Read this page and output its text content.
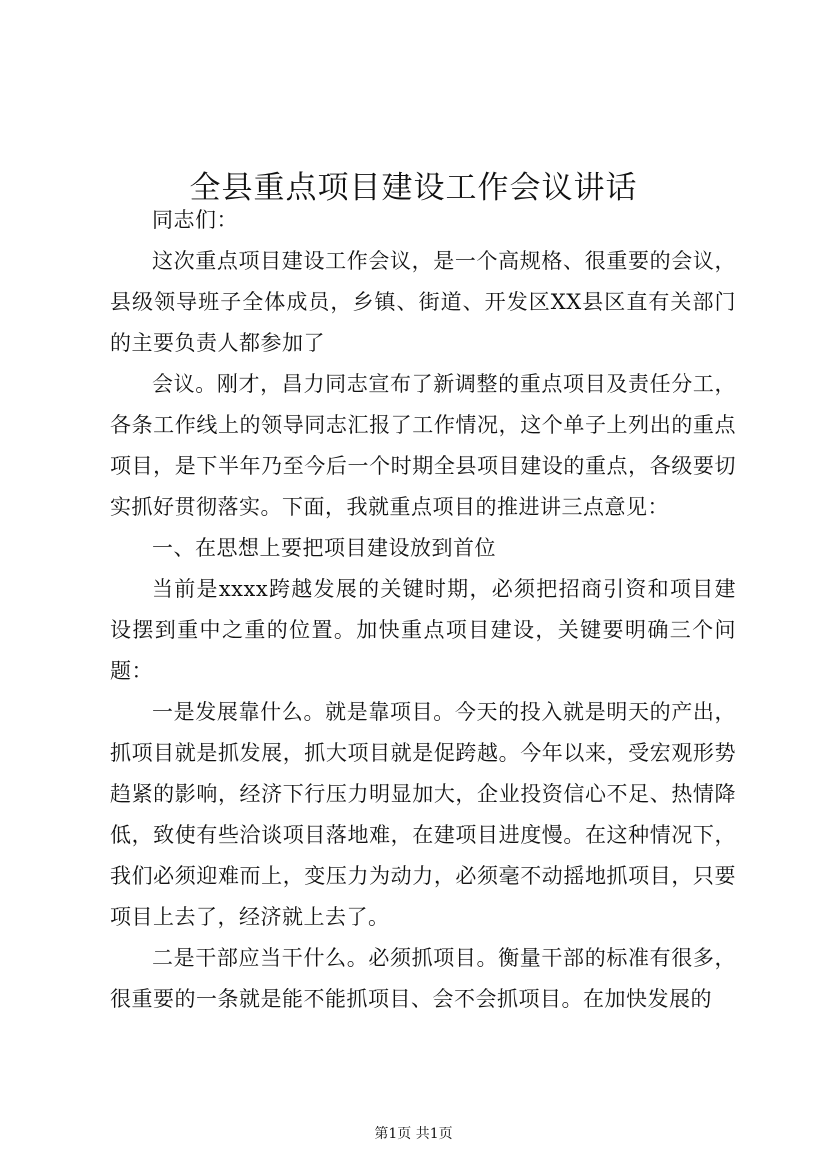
全县重点项目建设工作会议讲话

同志们：

这次重点项目建设工作会议，是一个高规格、很重要的会议，县级领导班子全体成员，乡镇、街道、开发区XX县区直有关部门的主要负责人都参加了

会议。刚才，昌力同志宣布了新调整的重点项目及责任分工，各条工作线上的领导同志汇报了工作情况，这个单子上列出的重点项目，是下半年乃至今后一个时期全县项目建设的重点，各级要切实抓好贯彻落实。下面，我就重点项目的推进讲三点意见：

一、在思想上要把项目建设放到首位

当前是xxxx跨越发展的关键时期，必须把招商引资和项目建设摆到重中之重的位置。加快重点项目建设，关键要明确三个问题：

一是发展靠什么。就是靠项目。今天的投入就是明天的产出，抓项目就是抓发展，抓大项目就是促跨越。今年以来，受宏观形势趋紧的影响，经济下行压力明显加大，企业投资信心不足、热情降低，致使有些洽谈项目落地难，在建项目进度慢。在这种情况下，我们必须迎难而上，变压力为动力，必须毫不动摇地抓项目，只要项目上去了，经济就上去了。

二是干部应当干什么。必须抓项目。衡量干部的标准有很多，很重要的一条就是能不能抓项目、会不会抓项目。在加快发展的

第1页 共1页
